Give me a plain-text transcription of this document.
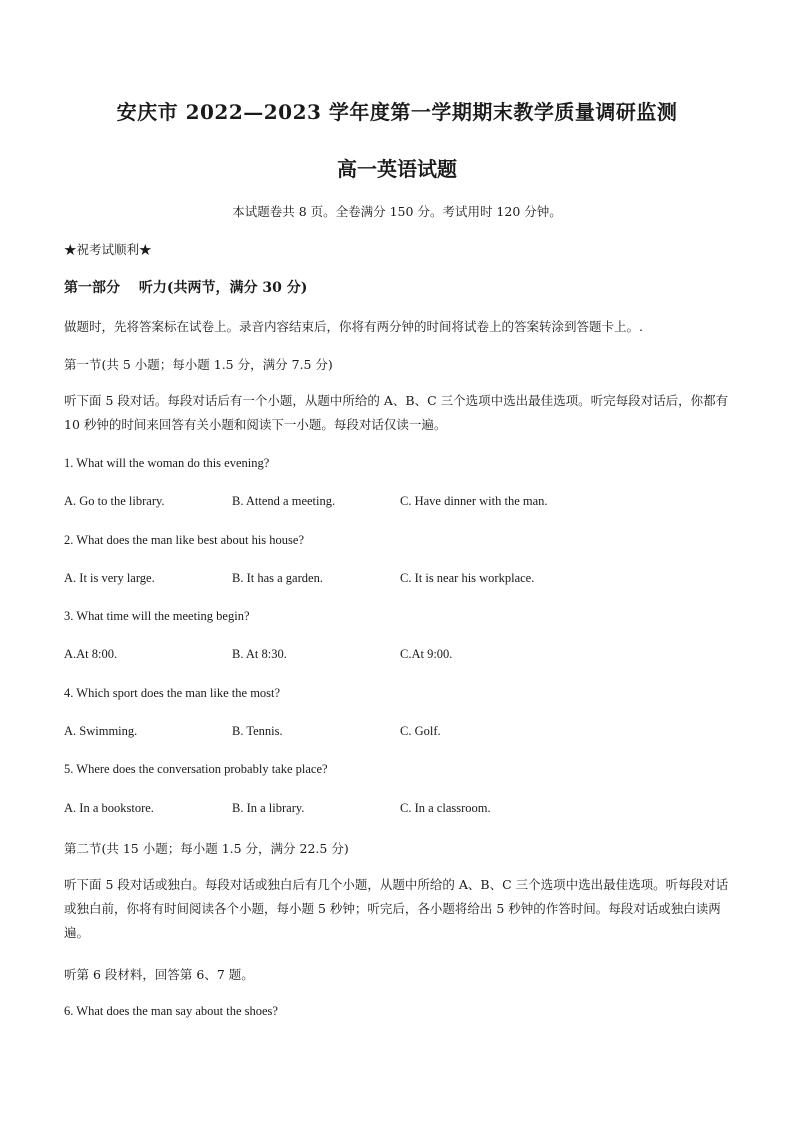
安庆市 2022—2023 学年度第一学期期末教学质量调研监测
高一英语试题
本试题卷共 8 页。全卷满分 150 分。考试用时 120 分钟。
★祝考试顺利★
第一部分　 听力(共两节，满分 30 分)
做题时，先将答案标在试卷上。录音内容结束后，你将有两分钟的时间将试卷上的答案转涂到答题卡上。.
第一节(共 5 小题；每小题 1.5 分，满分 7.5 分)
听下面 5 段对话。每段对话后有一个小题，从题中所给的 A、B、C 三个选项中选出最佳选项。听完每段对话后，你都有 10 秒钟的时间来回答有关小题和阅读下一小题。每段对话仅读一遍。
1. What will the woman do this evening?
A. Go to the library.	B. Attend a meeting.	C. Have dinner with the man.
2. What does the man like best about his house?
A. It is very large.	B. It has a garden.	C. It is near his workplace.
3. What time will the meeting begin?
A.At 8:00.	B. At 8:30.	C.At 9:00.
4. Which sport does the man like the most?
A. Swimming.	B. Tennis.	C. Golf.
5. Where does the conversation probably take place?
A. In a bookstore.	B. In a library.	C. In a classroom.
第二节(共 15 小题；每小题 1.5 分，满分 22.5 分)
听下面 5 段对话或独白。每段对话或独白后有几个小题，从题中所给的 A、B、C 三个选项中选出最佳选项。听每段对话或独白前，你将有时间阅读各个小题，每小题 5 秒钟；听完后，各小题将给出 5 秒钟的作答时间。每段对话或独白读两遍。
听第 6 段材料，回答第 6、7 题。
6. What does the man say about the shoes?
